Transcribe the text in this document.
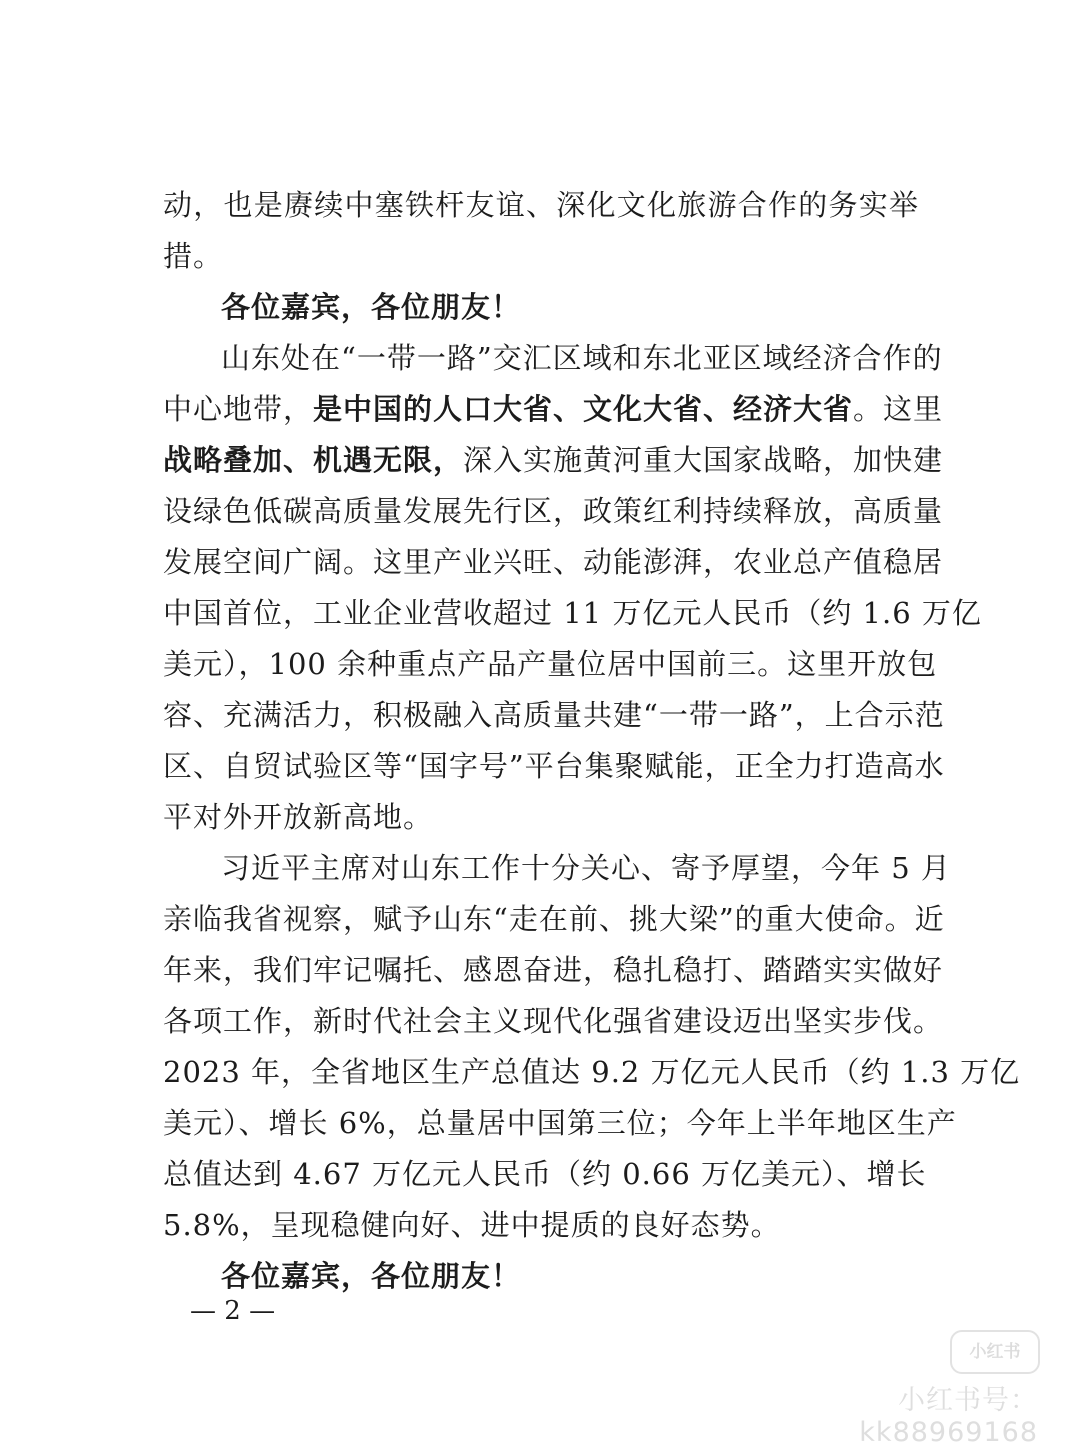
动，也是赓续中塞铁杆友谊、深化文化旅游合作的务实举
措。
各位嘉宾，各位朋友！
山东处在“一带一路”交汇区域和东北亚区域经济合作的
中心地带，是中国的人口大省、文化大省、经济大省。这里
战略叠加、机遇无限，深入实施黄河重大国家战略，加快建
设绿色低碳高质量发展先行区，政策红利持续释放，高质量
发展空间广阔。这里产业兴旺、动能澎湃，农业总产值稳居
中国首位，工业企业营收超过 11 万亿元人民币（约 1.6 万亿
美元），100 余种重点产品产量位居中国前三。这里开放包
容、充满活力，积极融入高质量共建“一带一路”，上合示范
区、自贸试验区等“国字号”平台集聚赋能，正全力打造高水
平对外开放新高地。
习近平主席对山东工作十分关心、寄予厚望，今年 5 月
亲临我省视察，赋予山东“走在前、挑大梁”的重大使命。近
年来，我们牢记嘱托、感恩奋进，稳扎稳打、踏踏实实做好
各项工作，新时代社会主义现代化强省建设迈出坚实步伐。
2023 年，全省地区生产总值达 9.2 万亿元人民币（约 1.3 万亿
美元）、增长 6%，总量居中国第三位；今年上半年地区生产
总值达到 4.67 万亿元人民币（约 0.66 万亿美元）、增长
5.8%，呈现稳健向好、进中提质的良好态势。
各位嘉宾，各位朋友！
— 2 —
小红书
小红书号：kk88969168
